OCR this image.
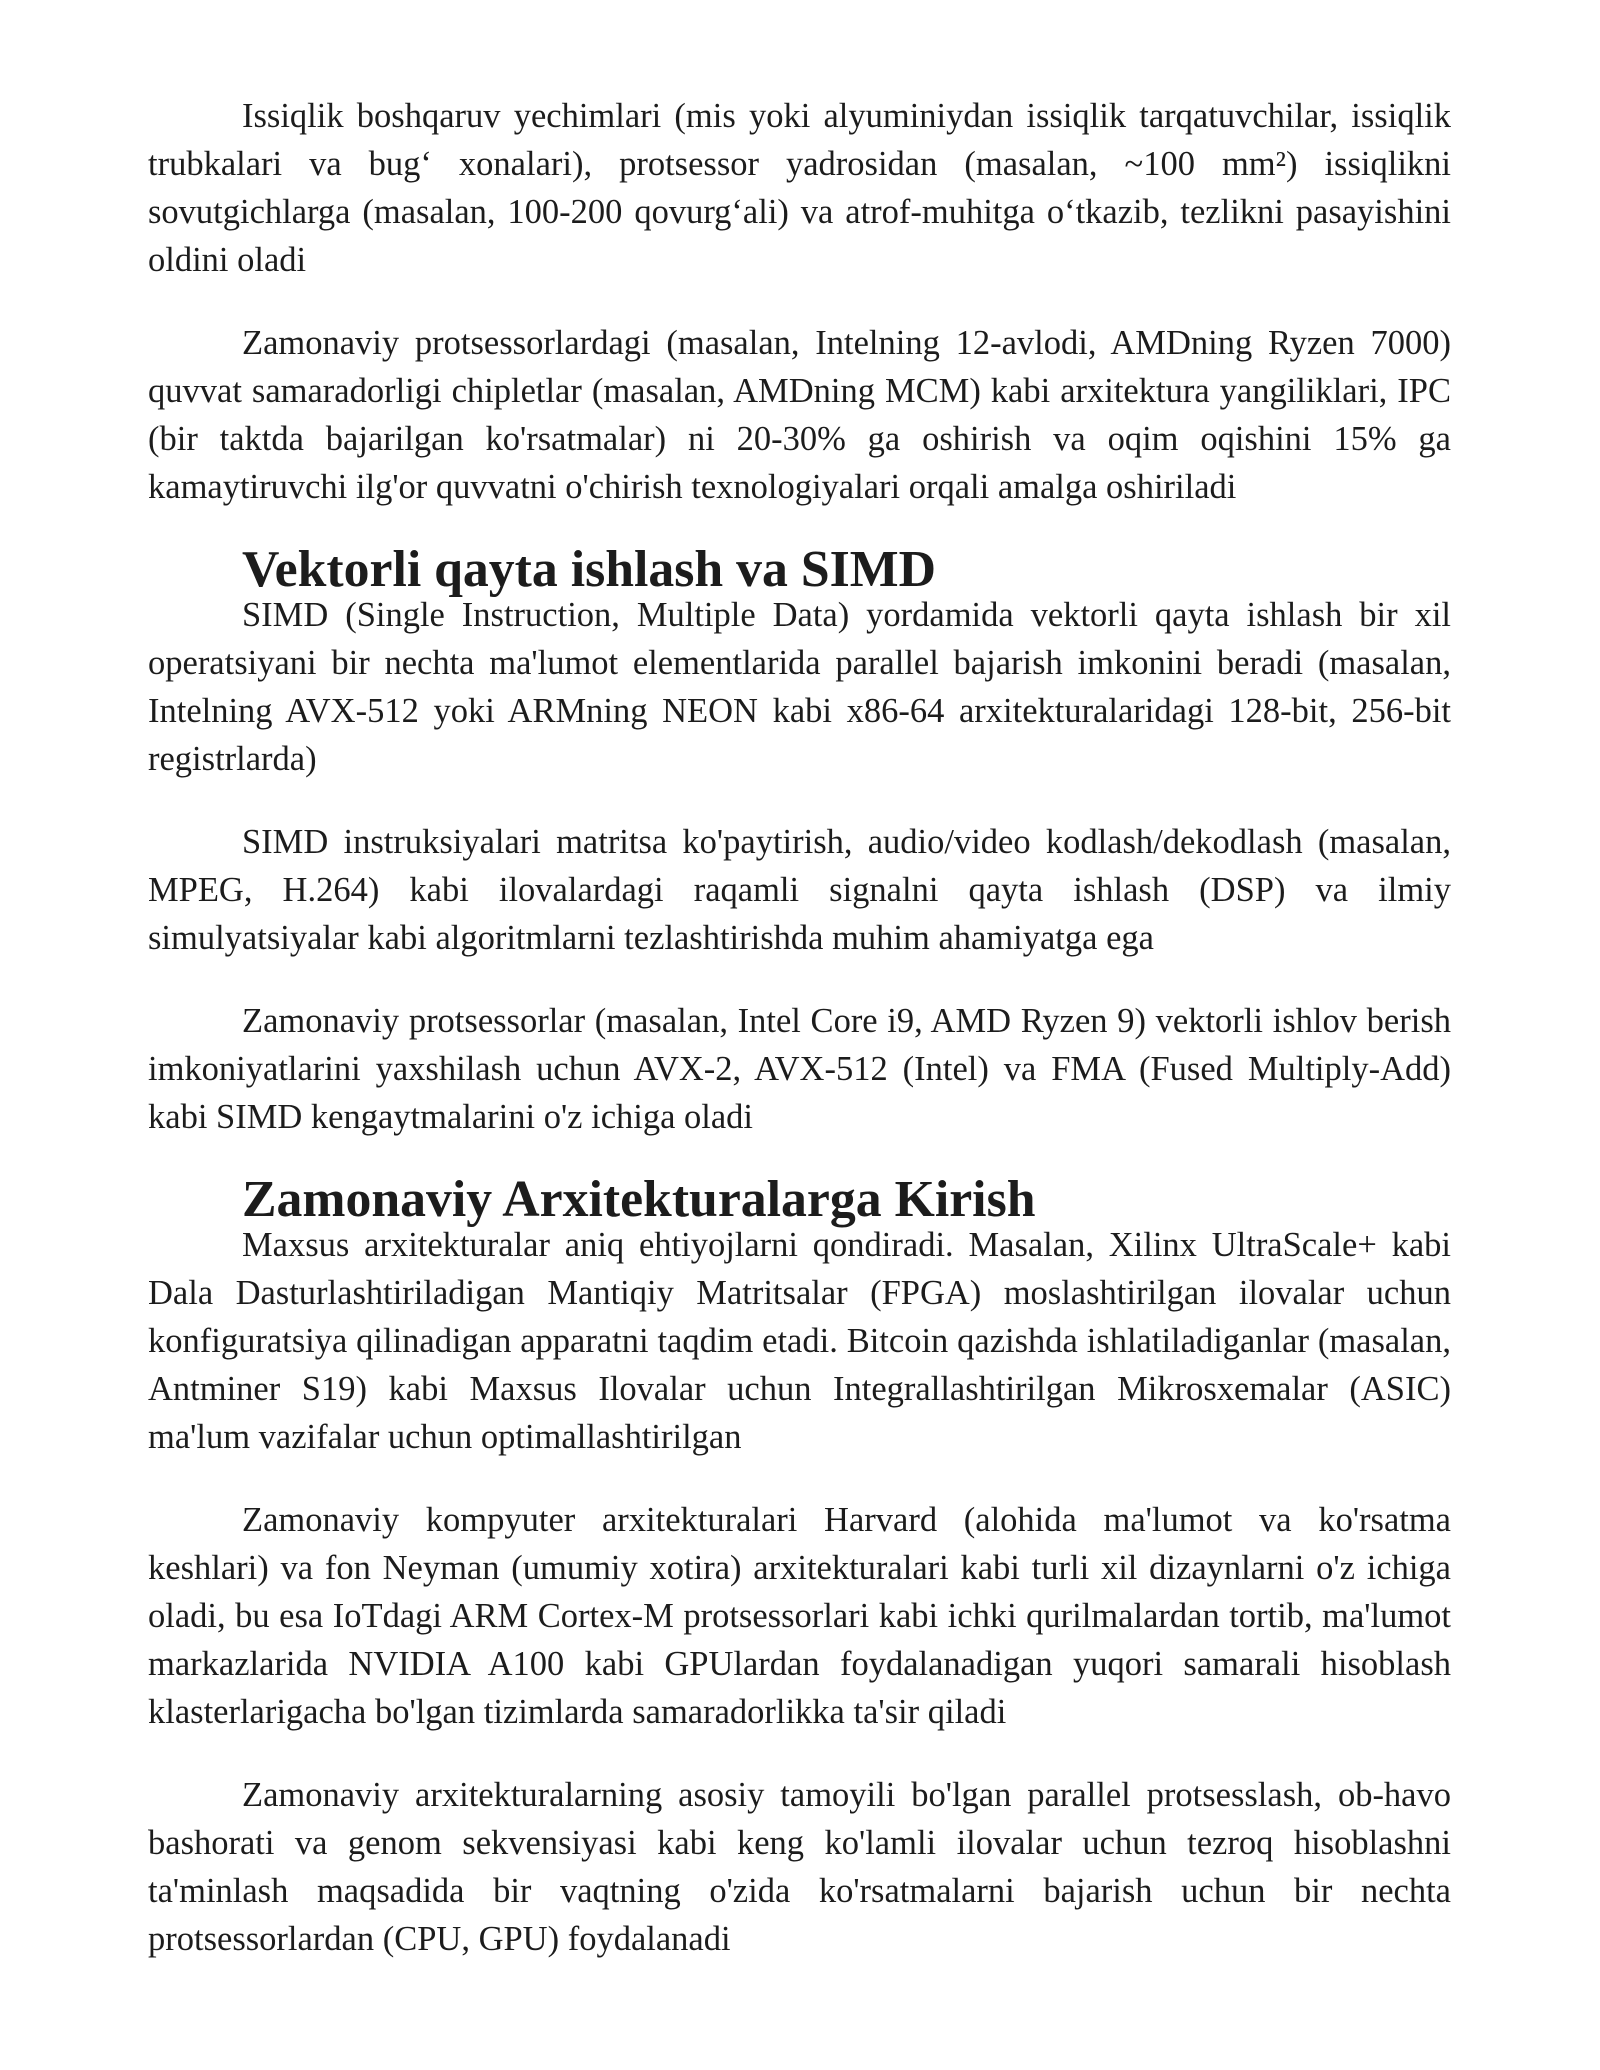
Issiqlik boshqaruv yechimlari (mis yoki alyuminiydan issiqlik tarqatuvchilar, issiqlik trubkalari va bug‘ xonalari), protsessor yadrosidan (masalan, ~100 mm²) issiqlikni sovutgichlarga (masalan, 100-200 qovurg‘ali) va atrof-muhitga o‘tkazib, tezlikni pasayishini oldini oladi

Zamonaviy protsessorlardagi (masalan, Intelning 12-avlodi, AMDning Ryzen 7000) quvvat samaradorligi chipletlar (masalan, AMDning MCM) kabi arxitektura yangiliklari, IPC (bir taktda bajarilgan ko'rsatmalar) ni 20-30% ga oshirish va oqim oqishini 15% ga kamaytiruvchi ilg'or quvvatni o'chirish texnologiyalari orqali amalga oshiriladi

Vektorli qayta ishlash va SIMD

SIMD (Single Instruction, Multiple Data) yordamida vektorli qayta ishlash bir xil operatsiyani bir nechta ma'lumot elementlarida parallel bajarish imkonini beradi (masalan, Intelning AVX-512 yoki ARMning NEON kabi x86-64 arxitekturalaridagi 128-bit, 256-bit registrlarda)

SIMD instruksiyalari matritsa ko'paytirish, audio/video kodlash/dekodlash (masalan, MPEG, H.264) kabi ilovalardagi raqamli signalni qayta ishlash (DSP) va ilmiy simulyatsiyalar kabi algoritmlarni tezlashtirishda muhim ahamiyatga ega

Zamonaviy protsessorlar (masalan, Intel Core i9, AMD Ryzen 9) vektorli ishlov berish imkoniyatlarini yaxshilash uchun AVX-2, AVX-512 (Intel) va FMA (Fused Multiply-Add) kabi SIMD kengaytmalarini o'z ichiga oladi

Zamonaviy Arxitekturalarga Kirish

Maxsus arxitekturalar aniq ehtiyojlarni qondiradi. Masalan, Xilinx UltraScale+ kabi Dala Dasturlashtiriladigan Mantiqiy Matritsalar (FPGA) moslashtirilgan ilovalar uchun konfiguratsiya qilinadigan apparatni taqdim etadi. Bitcoin qazishda ishlatiladiganlar (masalan, Antminer S19) kabi Maxsus Ilovalar uchun Integrallashtirilgan Mikrosxemalar (ASIC) ma'lum vazifalar uchun optimallashtirilgan

Zamonaviy kompyuter arxitekturalari Harvard (alohida ma'lumot va ko'rsatma keshlari) va fon Neyman (umumiy xotira) arxitekturalari kabi turli xil dizaynlarni o'z ichiga oladi, bu esa IoTdagi ARM Cortex-M protsessorlari kabi ichki qurilmalardan tortib, ma'lumot markazlarida NVIDIA A100 kabi GPUlardan foydalanadigan yuqori samarali hisoblash klasterlarigacha bo'lgan tizimlarda samaradorlikka ta'sir qiladi

Zamonaviy arxitekturalarning asosiy tamoyili bo'lgan parallel protsesslash, ob-havo bashorati va genom sekvensiyasi kabi keng ko'lamli ilovalar uchun tezroq hisoblashni ta'minlash maqsadida bir vaqtning o'zida ko'rsatmalarni bajarish uchun bir nechta protsessorlardan (CPU, GPU) foydalanadi
